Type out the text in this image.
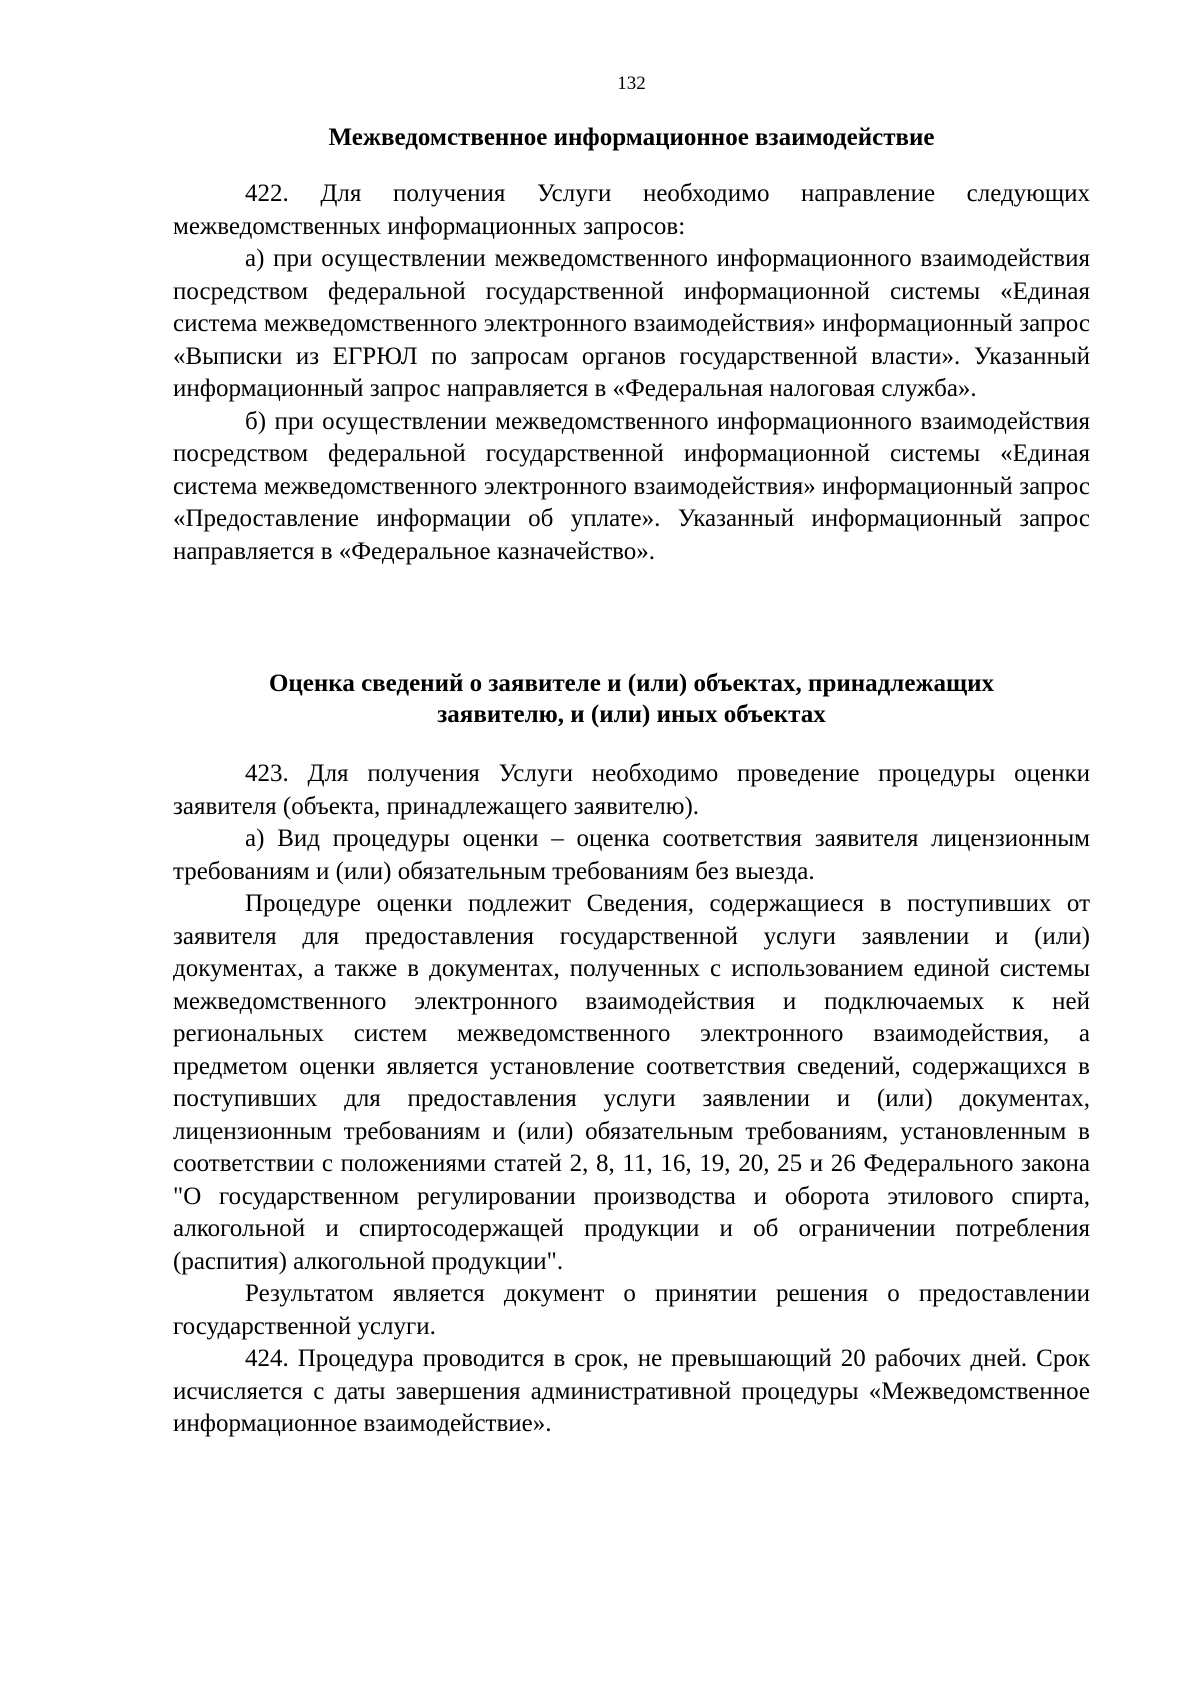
132

Межведомственное информационное взаимодействие

422. Для получения Услуги необходимо направление следующих межведомственных информационных запросов:

а) при осуществлении межведомственного информационного взаимодействия посредством федеральной государственной информационной системы «Единая система межведомственного электронного взаимодействия» информационный запрос «Выписки из ЕГРЮЛ по запросам органов государственной власти». Указанный информационный запрос направляется в «Федеральная налоговая служба».

б) при осуществлении межведомственного информационного взаимодействия посредством федеральной государственной информационной системы «Единая система межведомственного электронного взаимодействия» информационный запрос «Предоставление информации об уплате». Указанный информационный запрос направляется в «Федеральное казначейство».

Оценка сведений о заявителе и (или) объектах, принадлежащих
заявителю, и (или) иных объектах

423. Для получения Услуги необходимо проведение процедуры оценки заявителя (объекта, принадлежащего заявителю).

а) Вид процедуры оценки – оценка соответствия заявителя лицензионным требованиям и (или) обязательным требованиям без выезда.

Процедуре оценки подлежит Сведения, содержащиеся в поступивших от заявителя для предоставления государственной услуги заявлении и (или) документах, а также в документах, полученных с использованием единой системы межведомственного электронного взаимодействия и подключаемых к ней региональных систем межведомственного электронного взаимодействия, а предметом оценки является установление соответствия сведений, содержащихся в поступивших для предоставления услуги заявлении и (или) документах, лицензионным требованиям и (или) обязательным требованиям, установленным в соответствии с положениями статей 2, 8, 11, 16, 19, 20, 25 и 26 Федерального закона "О государственном регулировании производства и оборота этилового спирта, алкогольной и спиртосодержащей продукции и об ограничении потребления (распития) алкогольной продукции".

Результатом является документ о принятии решения о предоставлении государственной услуги.

424. Процедура проводится в срок, не превышающий 20 рабочих дней. Срок исчисляется с даты завершения административной процедуры «Межведомственное информационное взаимодействие».
